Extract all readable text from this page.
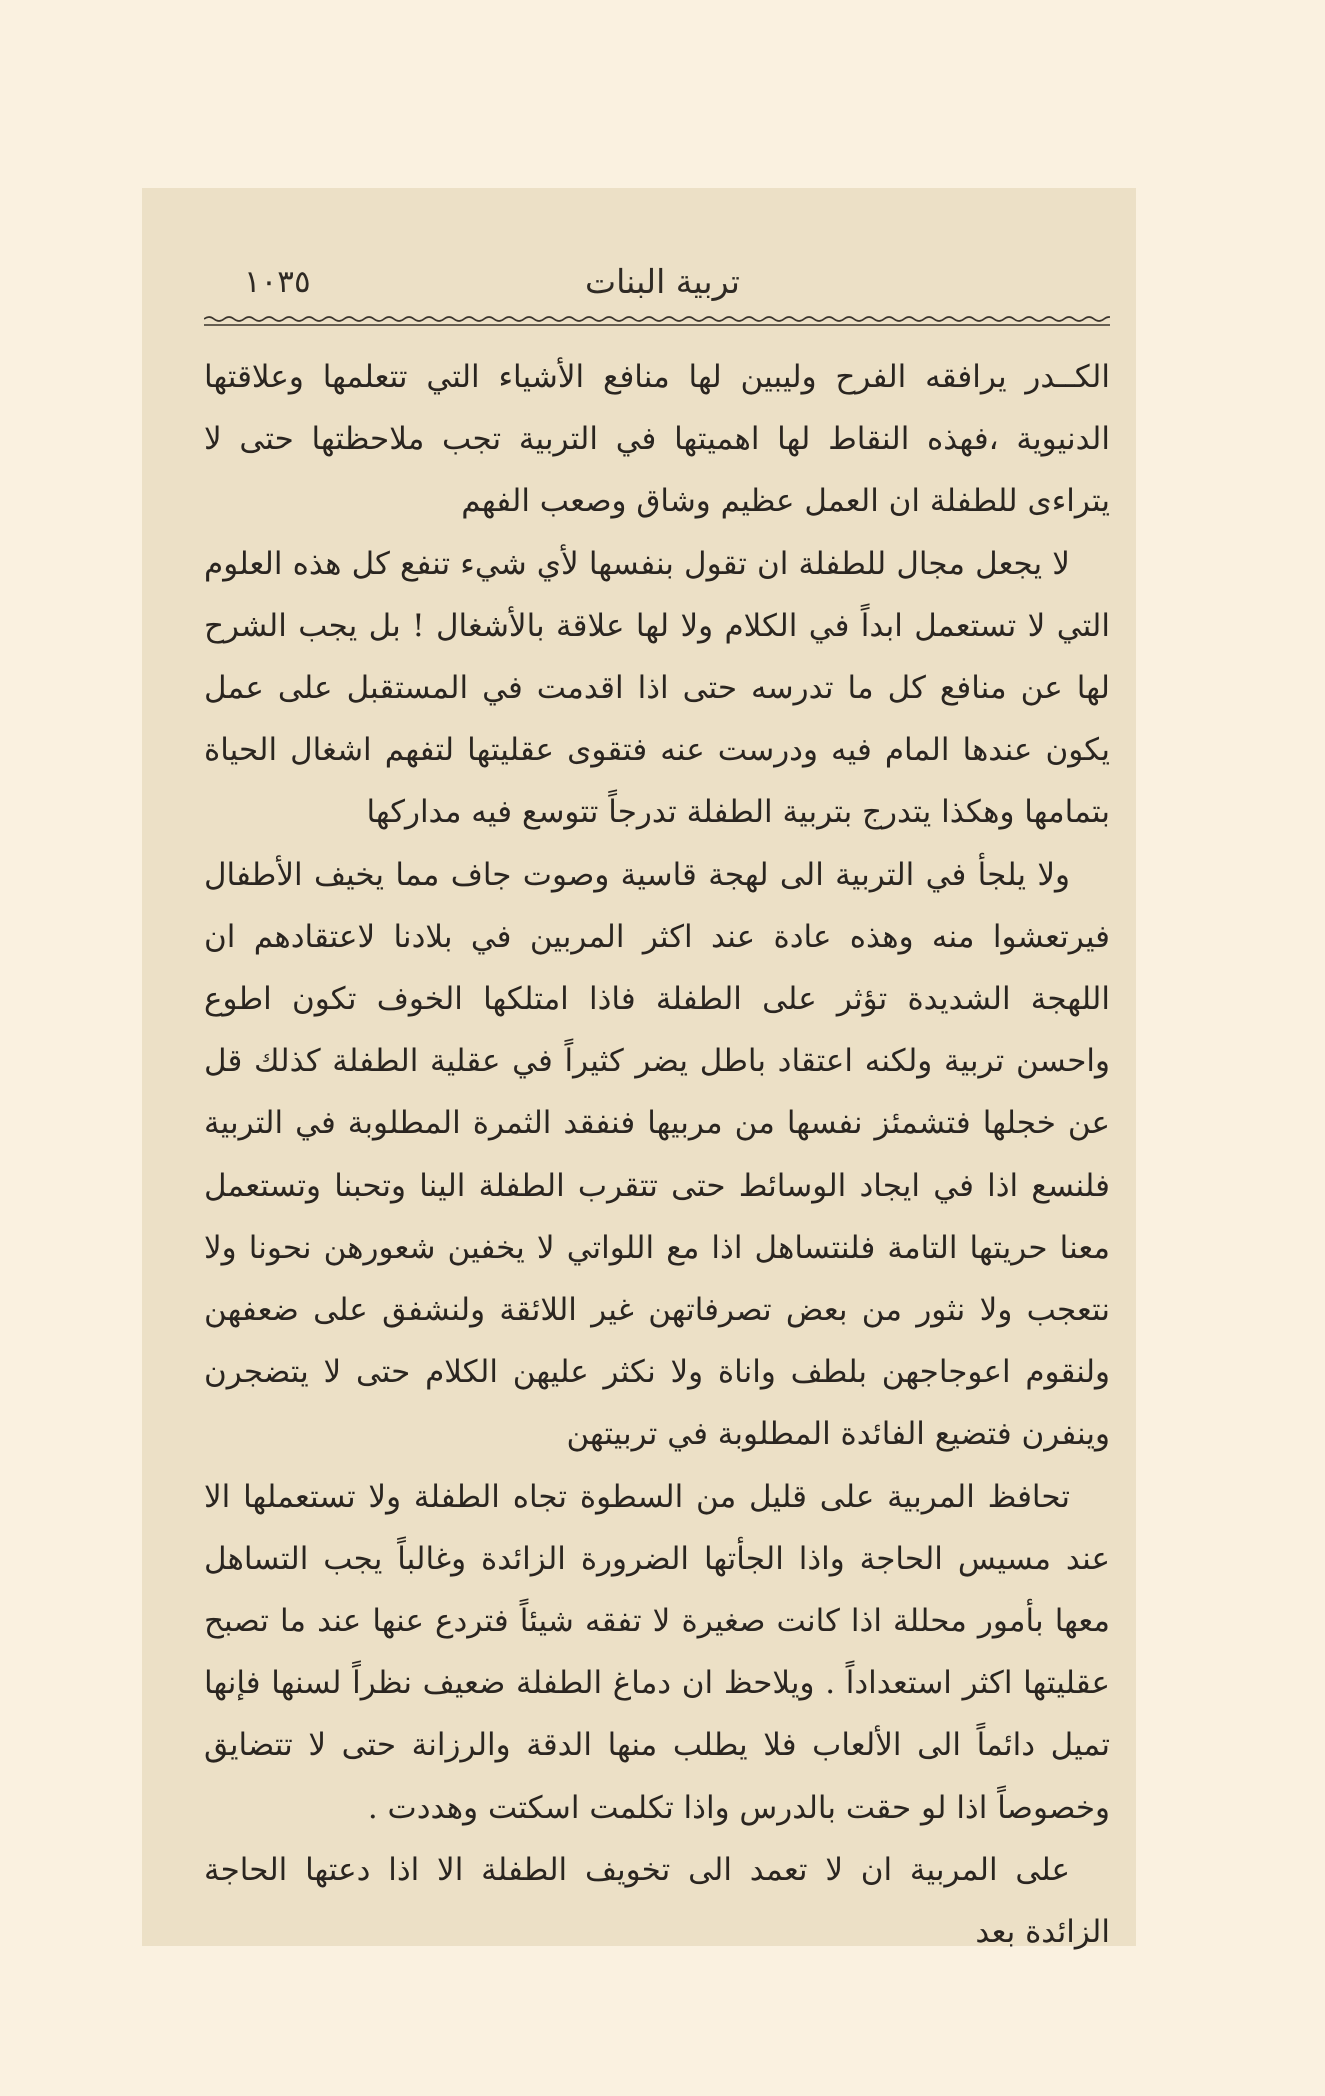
تربية البنات
١٠٣٥

الكــدر يرافقه الفرح وليبين لها منافع الأشياء التي تتعلمها وعلاقتها الدنيوية ،فهذه النقاط لها اهميتها في التربية تجب ملاحظتها حتى لا يتراءى للطفلة ان العمل عظيم وشاق وصعب الفهم

لا يجعل مجال للطفلة ان تقول بنفسها لأي شيء تنفع كل هذه العلوم التي لا تستعمل ابداً في الكلام ولا لها علاقة بالأشغال ! بل يجب الشرح لها عن منافع كل ما تدرسه حتى اذا اقدمت في المستقبل على عمل يكون عندها المام فيه ودرست عنه فتقوى عقليتها لتفهم اشغال الحياة بتمامها وهكذا يتدرج بتربية الطفلة تدرجاً تتوسع فيه مداركها

ولا يلجأ في التربية الى لهجة قاسية وصوت جاف مما يخيف الأطفال فيرتعشوا منه وهذه عادة عند اكثر المربين في بلادنا لاعتقادهم ان اللهجة الشديدة تؤثر على الطفلة فاذا امتلكها الخوف تكون اطوع واحسن تربية ولكنه اعتقاد باطل يضر كثيراً في عقلية الطفلة كذلك قل عن خجلها فتشمئز نفسها من مربيها فنفقد الثمرة المطلوبة في التربية فلنسع اذا في ايجاد الوسائط حتى تتقرب الطفلة الينا وتحبنا وتستعمل معنا حريتها التامة فلنتساهل اذا مع اللواتي لا يخفين شعورهن نحونا ولا نتعجب ولا نثور من بعض تصرفاتهن غير اللائقة ولنشفق على ضعفهن ولنقوم اعوجاجهن بلطف واناة ولا نكثر عليهن الكلام حتى لا يتضجرن وينفرن فتضيع الفائدة المطلوبة في تربيتهن

تحافظ المربية على قليل من السطوة تجاه الطفلة ولا تستعملها الا عند مسيس الحاجة واذا الجأتها الضرورة الزائدة وغالباً يجب التساهل معها بأمور محللة اذا كانت صغيرة لا تفقه شيئاً فتردع عنها عند ما تصبح عقليتها اكثر استعداداً . ويلاحظ ان دماغ الطفلة ضعيف نظراً لسنها فإنها تميل دائماً الى الألعاب فلا يطلب منها الدقة والرزانة حتى لا تتضايق وخصوصاً اذا لو حقت بالدرس واذا تكلمت اسكتت وهددت .

على المربية ان لا تعمد الى تخويف الطفلة الا اذا دعتها الحاجة الزائدة بعد
